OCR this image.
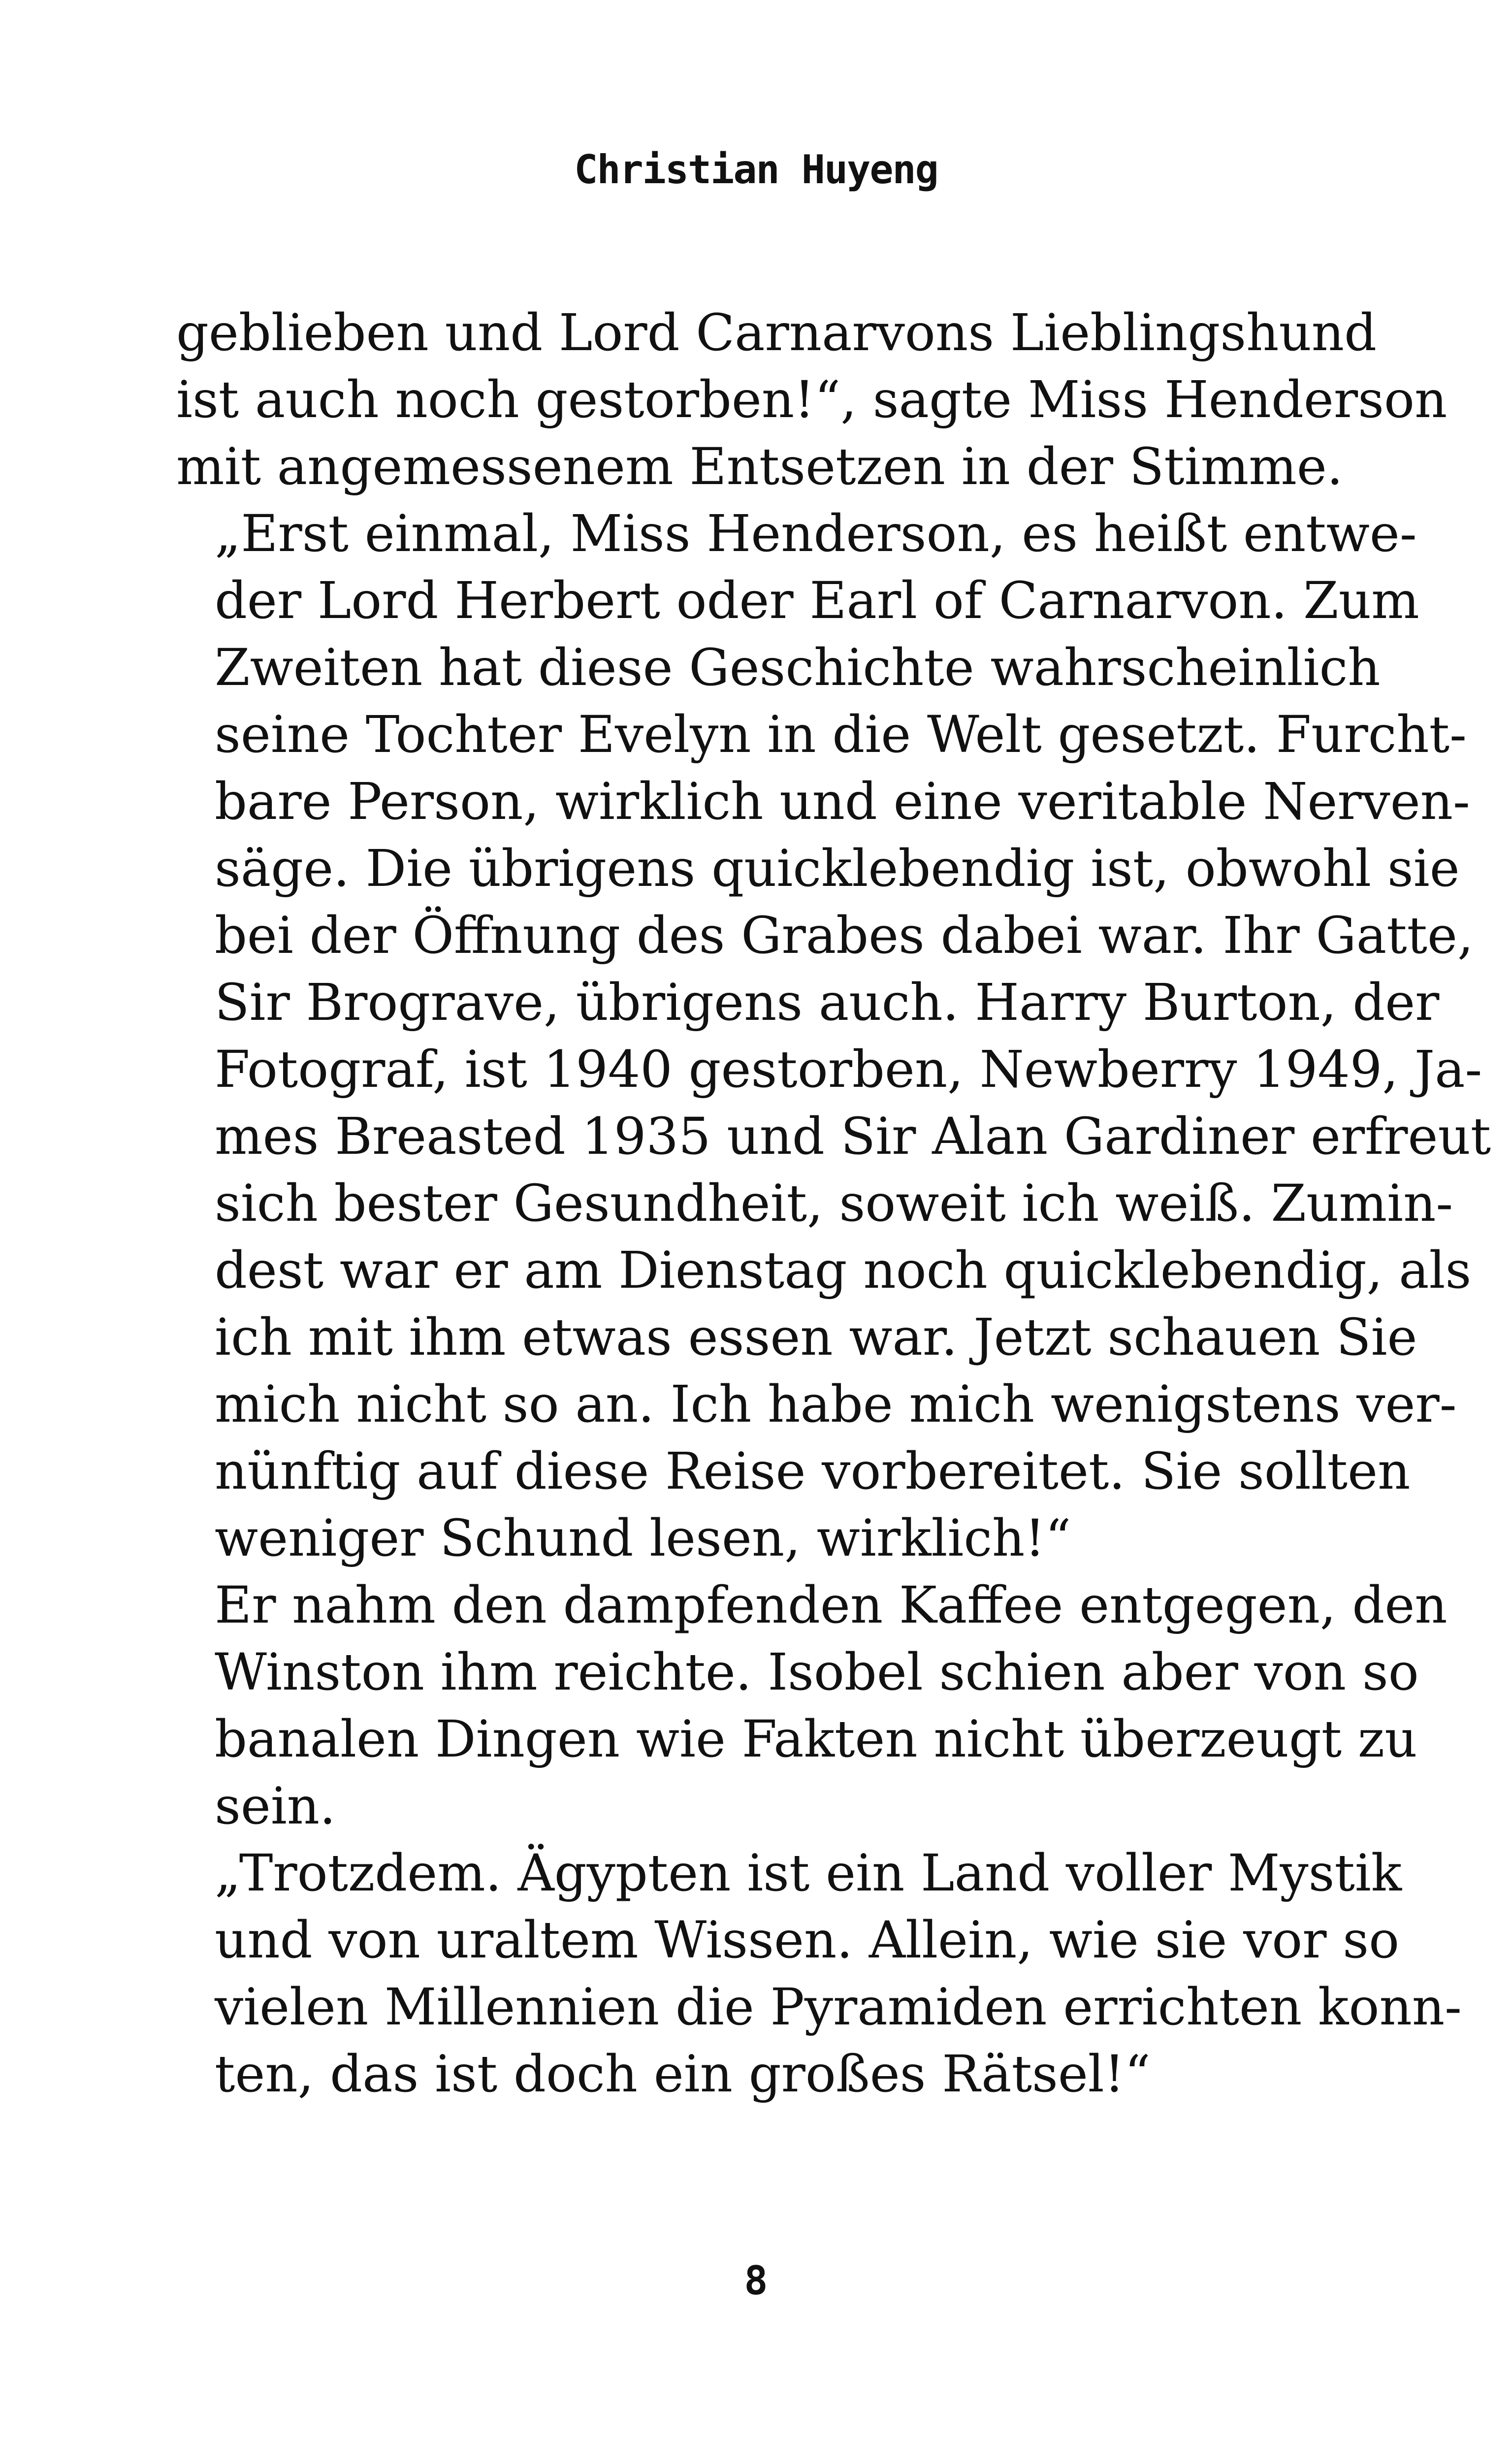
Christian Huyeng

geblieben und Lord Carnarvons Lieblingshund
ist auch noch gestorben!“, sagte Miss Henderson
mit angemessenem Entsetzen in der Stimme.

„Erst einmal, Miss Henderson, es heißt entwe-
der Lord Herbert oder Earl of Carnarvon. Zum
Zweiten hat diese Geschichte wahrscheinlich
seine Tochter Evelyn in die Welt gesetzt. Furcht-
bare Person, wirklich und eine veritable Nerven-
säge. Die übrigens quicklebendig ist, obwohl sie
bei der Öffnung des Grabes dabei war. Ihr Gatte,
Sir Brograve, übrigens auch. Harry Burton, der
Fotograf, ist 1940 gestorben, Newberry 1949, Ja-
mes Breasted 1935 und Sir Alan Gardiner erfreut
sich bester Gesundheit, soweit ich weiß. Zumin-
dest war er am Dienstag noch quicklebendig, als
ich mit ihm etwas essen war. Jetzt schauen Sie
mich nicht so an. Ich habe mich wenigstens ver-
nünftig auf diese Reise vorbereitet. Sie sollten
weniger Schund lesen, wirklich!“

Er nahm den dampfenden Kaffee entgegen, den
Winston ihm reichte. Isobel schien aber von so
banalen Dingen wie Fakten nicht überzeugt zu
sein.

„Trotzdem. Ägypten ist ein Land voller Mystik
und von uraltem Wissen. Allein, wie sie vor so
vielen Millennien die Pyramiden errichten konn-
ten, das ist doch ein großes Rätsel!“

8
